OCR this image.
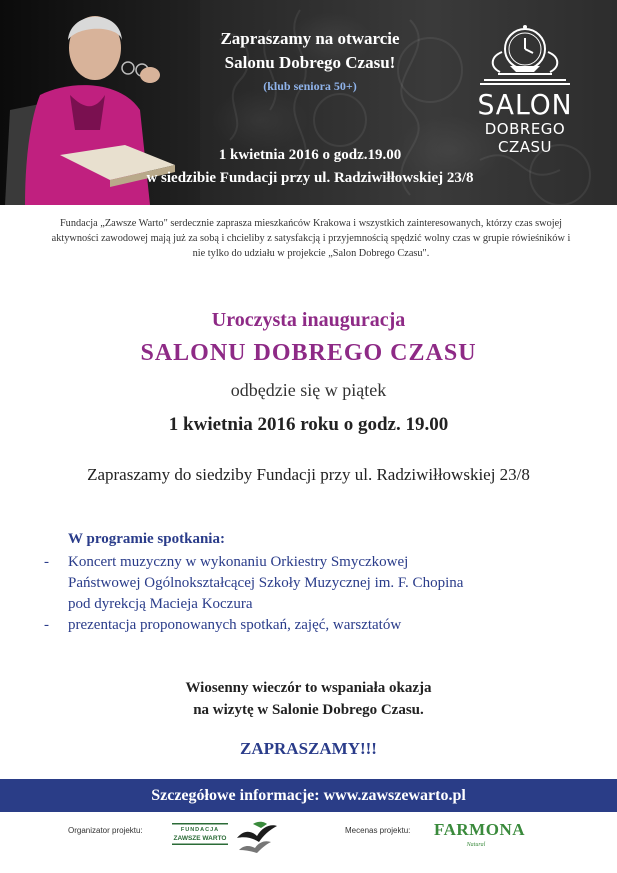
Zapraszamy na otwarcie
Salonu Dobrego Czasu!
(klub seniora 50+)
1 kwietnia 2016 o godz.19.00
w siedzibie Fundacji przy ul. Radziwiłłowskiej 23/8
SALON
DOBREGO CZASU

Fundacja „Zawsze Warto" serdecznie zaprasza mieszkańców Krakowa i wszystkich zainteresowanych, którzy czas swojej aktywności zawodowej mają już za sobą i chcieliby z satysfakcją i przyjemnością spędzić wolny czas w grupie rówieśników i nie tylko do udziału w projekcie „Salon Dobrego Czasu".

Uroczysta inauguracja
SALONU DOBREGO CZASU
odbędzie się w piątek
1 kwietnia 2016 roku o godz. 19.00
Zapraszamy do siedziby Fundacji przy ul. Radziwiłłowskiej 23/8
W programie spotkania:
-	Koncert muzyczny w wykonaniu Orkiestry Smyczkowej
Państwowej Ogólnokształcącej Szkoły Muzycznej im. F. Chopina
pod dyrekcją Macieja Koczura
-	prezentacja proponowanych spotkań, zajęć, warsztatów
Wiosenny wieczór to wspaniała okazja
na wizytę w Salonie Dobrego Czasu.
ZAPRASZAMY!!!
Szczegółowe informacje: www.zawszewarto.pl
Organizator projektu:	FUNDACJA
ZAWSZE WARTO
Mecenas projektu: FARMONA
Natural
